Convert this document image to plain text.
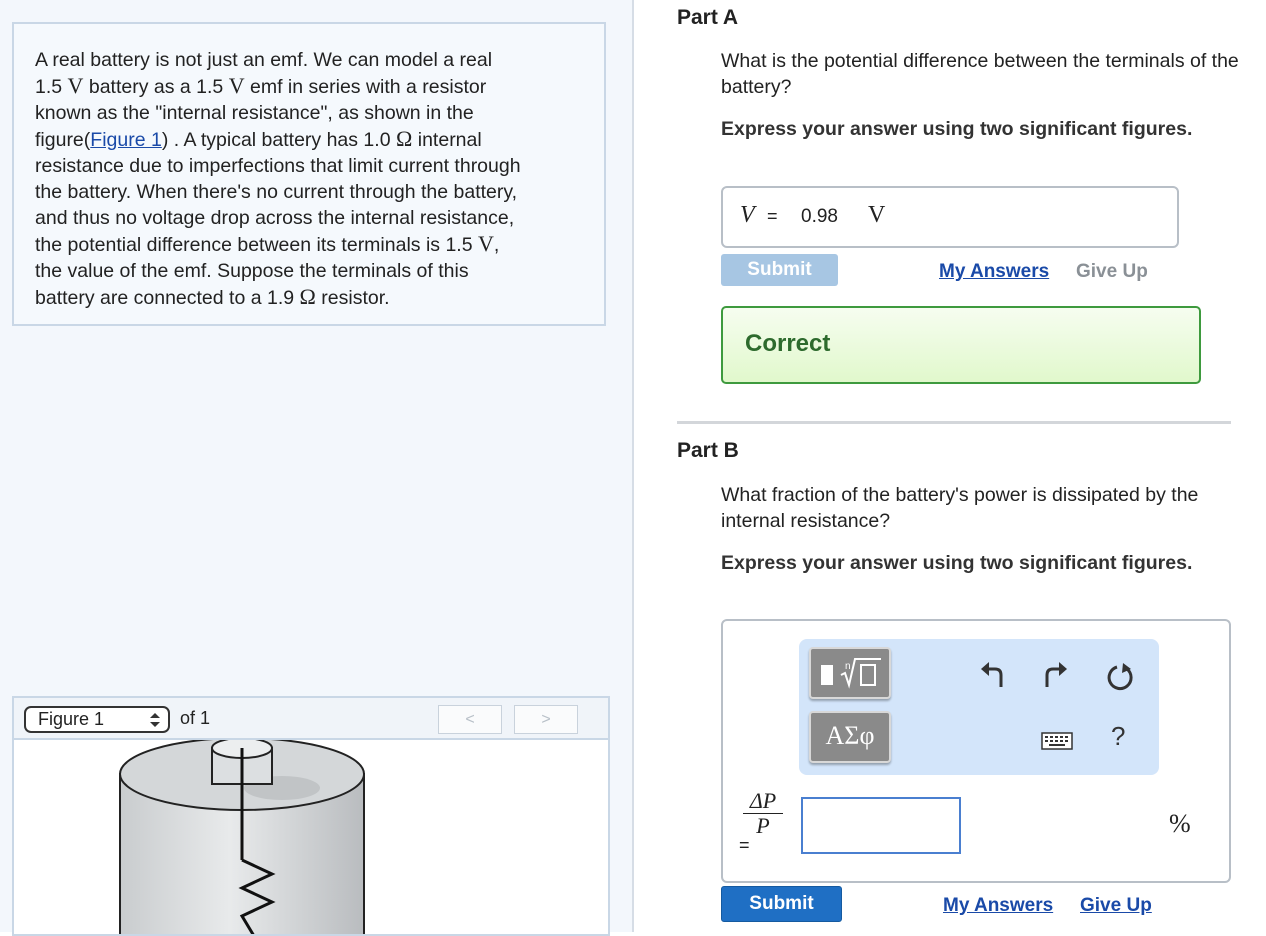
A real battery is not just an emf. We can model a real
1.5 V battery as a 1.5 V emf in series with a resistor
known as the "internal resistance", as shown in the
figure(Figure 1) . A typical battery has 1.0 Ω internal
resistance due to imperfections that limit current through
the battery. When there's no current through the battery,
and thus no voltage drop across the internal resistance,
the potential difference between its terminals is 1.5 V,
the value of the emf. Suppose the terminals of this
battery are connected to a 1.9 Ω resistor.
Figure 1	of 1	<	>
Part A
What is the potential difference between the terminals of the battery?
Express your answer using two significant figures.
V = 0.98 V
Submit	My Answers Give Up
Correct
Part B
What fraction of the battery's power is dissipated by the internal resistance?
Express your answer using two significant figures.
n
ΑΣφ	?
$\frac{\Delta P}{P}$
=
%
Submit	My Answers Give Up
